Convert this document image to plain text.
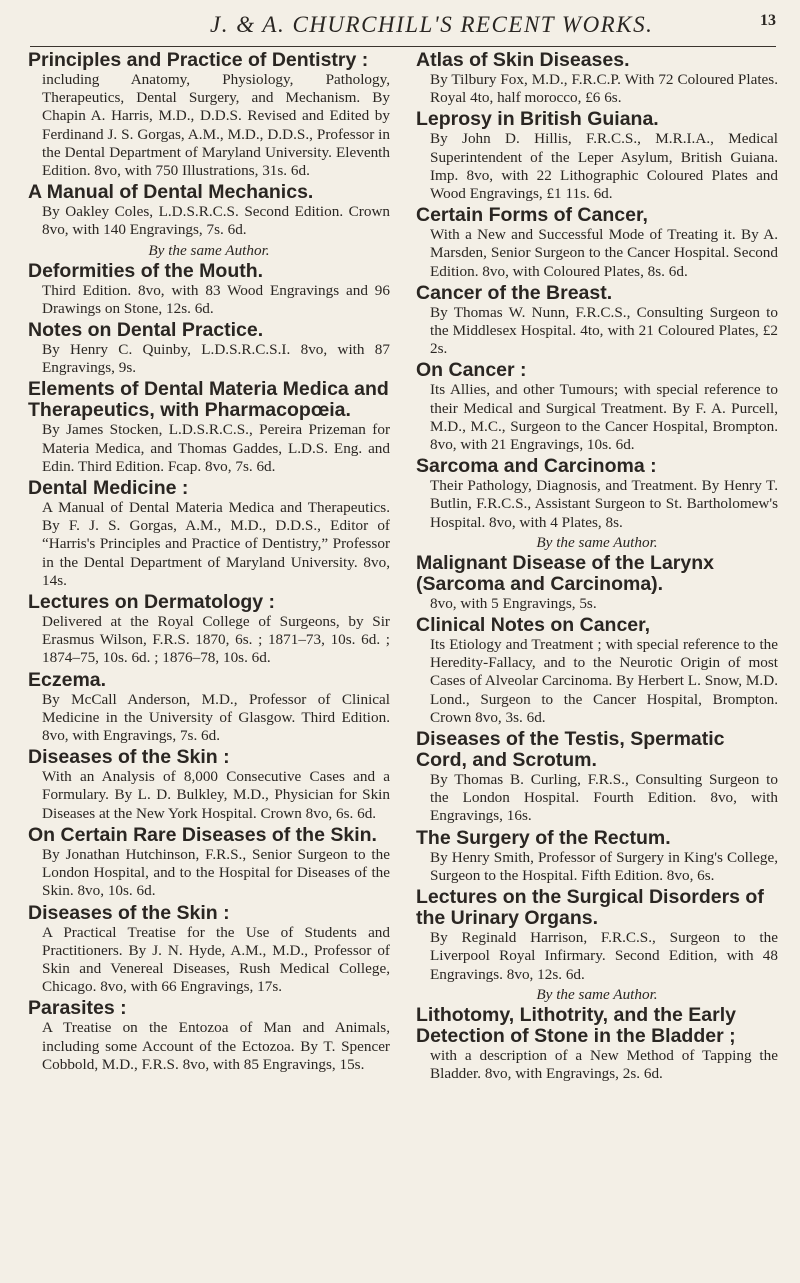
J. & A. CHURCHILL'S RECENT WORKS.	13

Principles and Practice of Dentistry :

including Anatomy, Physiology, Pathology, Therapeutics, Dental Surgery, and Mechanism. By Chapin A. Harris, M.D., D.D.S. Revised and Edited by Ferdinand J. S. Gorgas, A.M., M.D., D.D.S., Professor in the Dental Department of Maryland University. Eleventh Edition. 8vo, with 750 Illustrations, 31s. 6d.

A Manual of Dental Mechanics.

By Oakley Coles, L.D.S.R.C.S. Second Edition. Crown 8vo, with 140 Engravings, 7s. 6d.

By the same Author.

Deformities of the Mouth.

Third Edition. 8vo, with 83 Wood Engravings and 96 Drawings on Stone, 12s. 6d.

Notes on Dental Practice.

By Henry C. Quinby, L.D.S.R.C.S.I. 8vo, with 87 Engravings, 9s.

Elements of Dental Materia Medica and Therapeutics, with Pharmacopœia.

By James Stocken, L.D.S.R.C.S., Pereira Prizeman for Materia Medica, and Thomas Gaddes, L.D.S. Eng. and Edin. Third Edition. Fcap. 8vo, 7s. 6d.

Dental Medicine :

A Manual of Dental Materia Medica and Therapeutics. By F. J. S. Gorgas, A.M., M.D., D.D.S., Editor of “Harris's Principles and Practice of Dentistry,” Professor in the Dental Department of Maryland University. 8vo, 14s.

Lectures on Dermatology :

Delivered at the Royal College of Surgeons, by Sir Erasmus Wilson, F.R.S. 1870, 6s. ; 1871–73, 10s. 6d. ; 1874–75, 10s. 6d. ; 1876–78, 10s. 6d.

Eczema.

By McCall Anderson, M.D., Professor of Clinical Medicine in the University of Glasgow. Third Edition. 8vo, with Engravings, 7s. 6d.

Diseases of the Skin :

With an Analysis of 8,000 Consecutive Cases and a Formulary. By L. D. Bulkley, M.D., Physician for Skin Diseases at the New York Hospital. Crown 8vo, 6s. 6d.

On Certain Rare Diseases of the Skin.

By Jonathan Hutchinson, F.R.S., Senior Surgeon to the London Hospital, and to the Hospital for Diseases of the Skin. 8vo, 10s. 6d.

Diseases of the Skin :

A Practical Treatise for the Use of Students and Practitioners. By J. N. Hyde, A.M., M.D., Professor of Skin and Venereal Diseases, Rush Medical College, Chicago. 8vo, with 66 Engravings, 17s.

Parasites :

A Treatise on the Entozoa of Man and Animals, including some Account of the Ectozoa. By T. Spencer Cobbold, M.D., F.R.S. 8vo, with 85 Engravings, 15s.

Atlas of Skin Diseases.

By Tilbury Fox, M.D., F.R.C.P. With 72 Coloured Plates. Royal 4to, half morocco, £6 6s.

Leprosy in British Guiana.

By John D. Hillis, F.R.C.S., M.R.I.A., Medical Superintendent of the Leper Asylum, British Guiana. Imp. 8vo, with 22 Lithographic Coloured Plates and Wood Engravings, £1 11s. 6d.

Certain Forms of Cancer,

With a New and Successful Mode of Treating it. By A. Marsden, Senior Surgeon to the Cancer Hospital. Second Edition. 8vo, with Coloured Plates, 8s. 6d.

Cancer of the Breast.

By Thomas W. Nunn, F.R.C.S., Consulting Surgeon to the Middlesex Hospital. 4to, with 21 Coloured Plates, £2 2s.

On Cancer :

Its Allies, and other Tumours; with special reference to their Medical and Surgical Treatment. By F. A. Purcell, M.D., M.C., Surgeon to the Cancer Hospital, Brompton. 8vo, with 21 Engravings, 10s. 6d.

Sarcoma and Carcinoma :

Their Pathology, Diagnosis, and Treatment. By Henry T. Butlin, F.R.C.S., Assistant Surgeon to St. Bartholomew's Hospital. 8vo, with 4 Plates, 8s.

By the same Author.

Malignant Disease of the Larynx (Sarcoma and Carcinoma).

8vo, with 5 Engravings, 5s.

Clinical Notes on Cancer,

Its Etiology and Treatment ; with special reference to the Heredity-Fallacy, and to the Neurotic Origin of most Cases of Alveolar Carcinoma. By Herbert L. Snow, M.D. Lond., Surgeon to the Cancer Hospital, Brompton. Crown 8vo, 3s. 6d.

Diseases of the Testis, Spermatic Cord, and Scrotum.

By Thomas B. Curling, F.R.S., Consulting Surgeon to the London Hospital. Fourth Edition. 8vo, with Engravings, 16s.

The Surgery of the Rectum.

By Henry Smith, Professor of Surgery in King's College, Surgeon to the Hospital. Fifth Edition. 8vo, 6s.

Lectures on the Surgical Disorders of the Urinary Organs.

By Reginald Harrison, F.R.C.S., Surgeon to the Liverpool Royal Infirmary. Second Edition, with 48 Engravings. 8vo, 12s. 6d.

By the same Author.

Lithotomy, Lithotrity, and the Early Detection of Stone in the Bladder ;

with a description of a New Method of Tapping the Bladder. 8vo, with Engravings, 2s. 6d.
